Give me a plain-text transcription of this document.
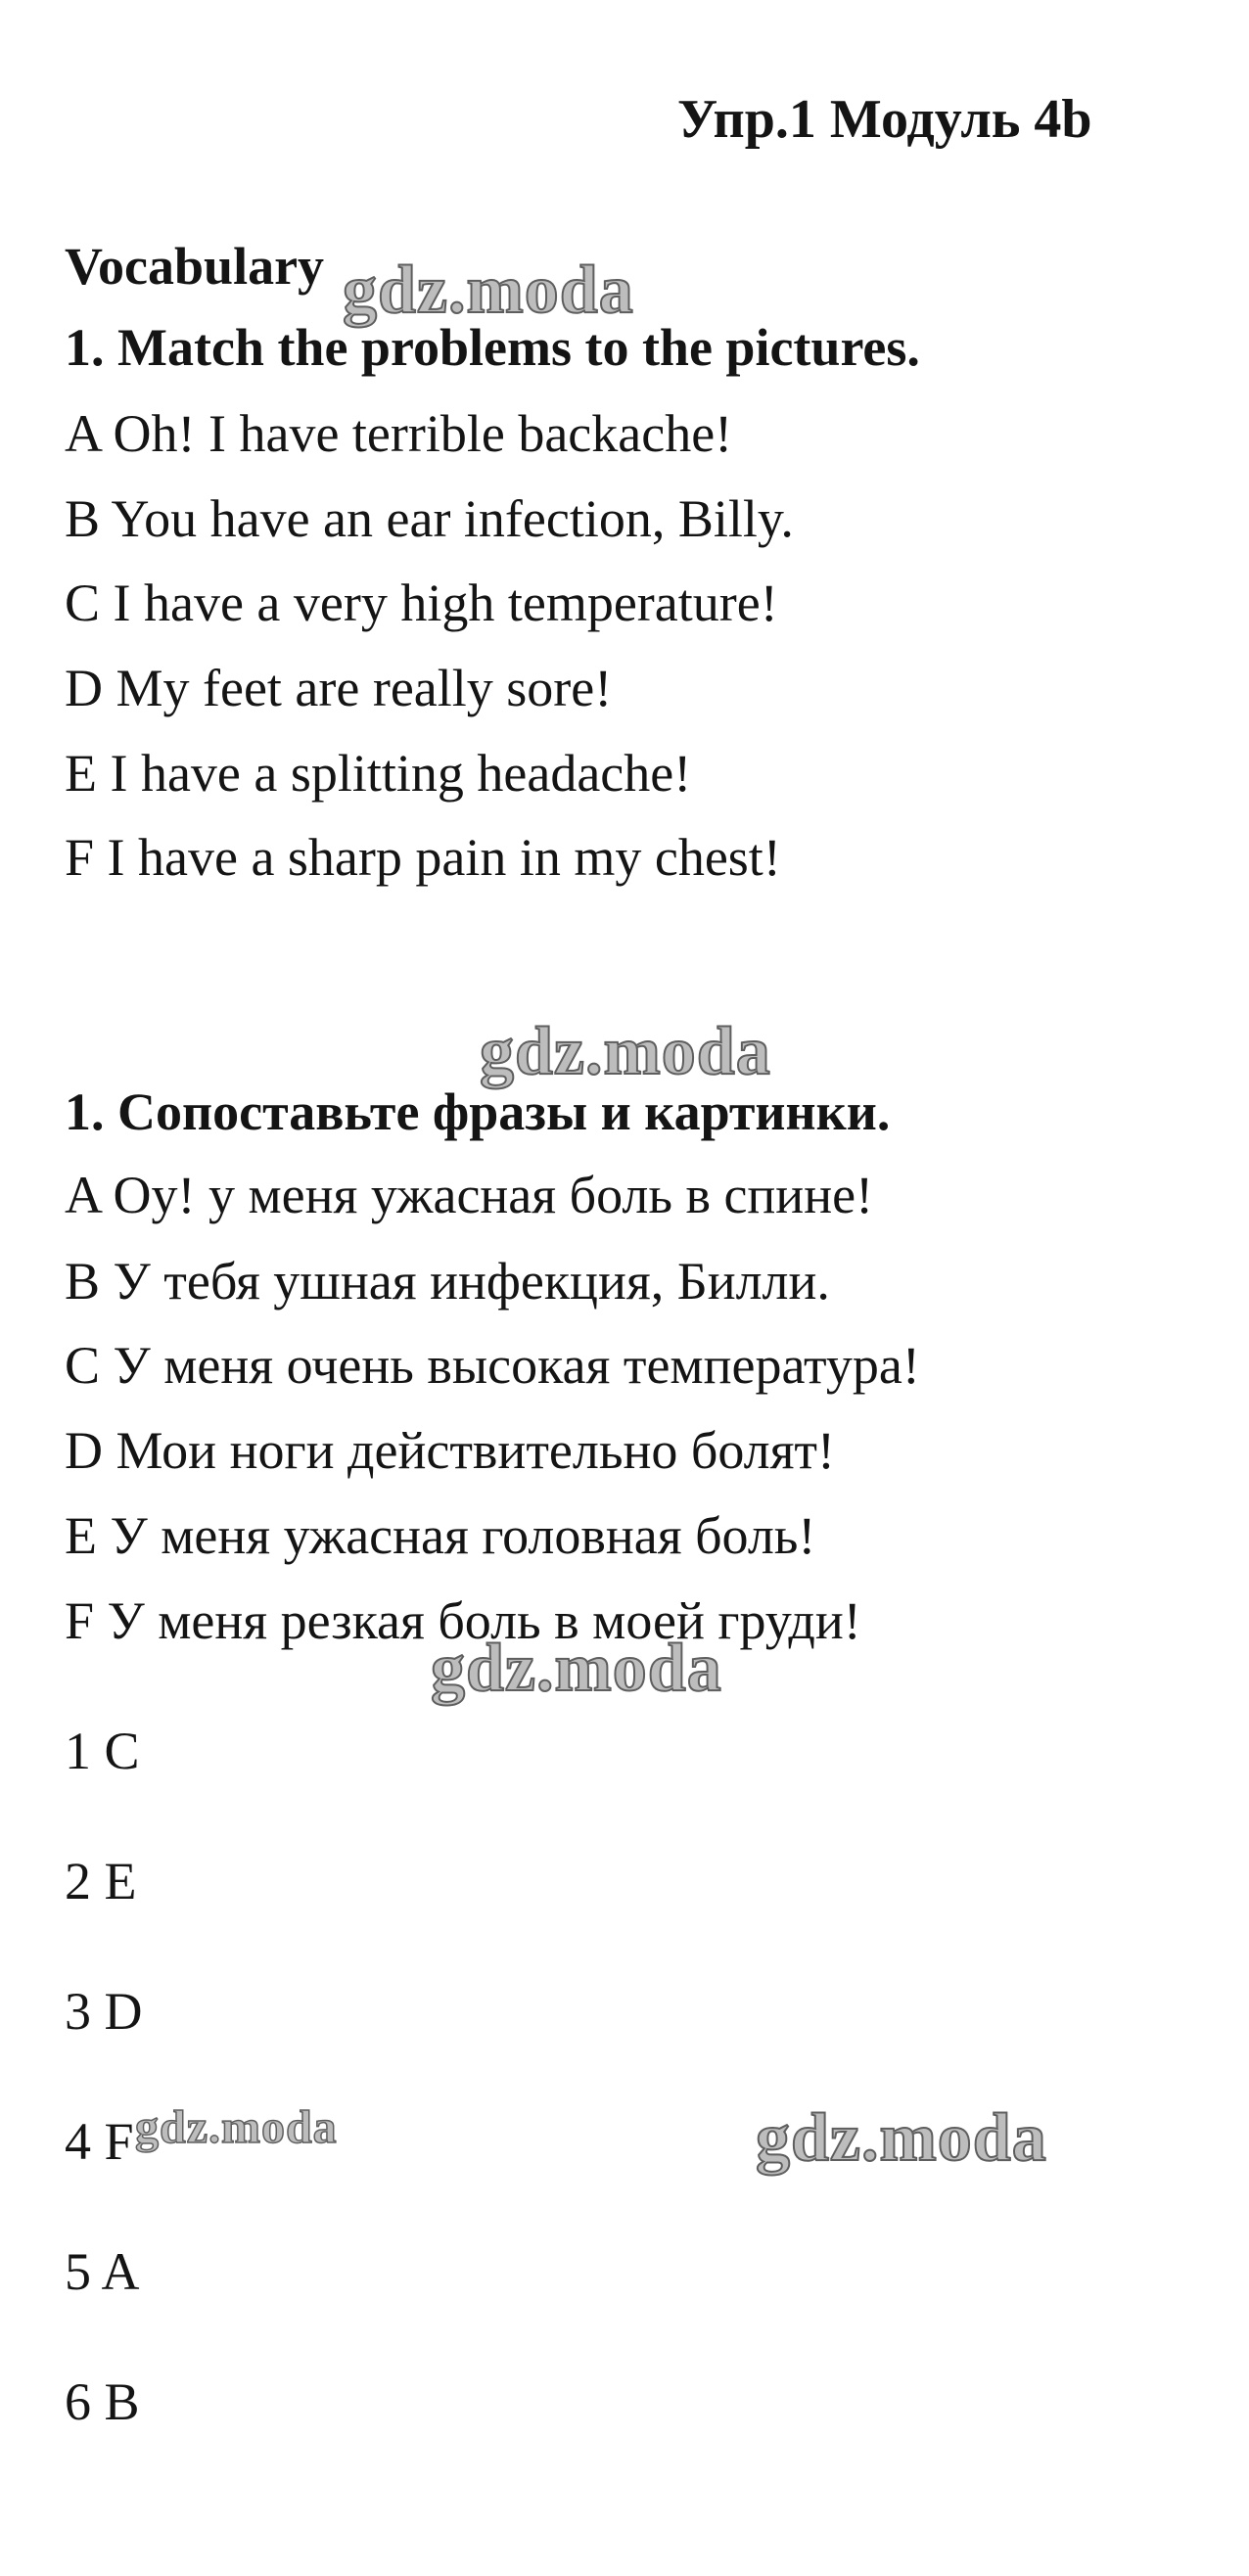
Упр.1 Модуль 4b
Vocabulary
1. Match the problems to the pictures.
A Oh! I have terrible backache!
B You have an ear infection, Billy.
C I have a very high temperature!
D My feet are really sore!
E I have a splitting headache!
F I have a sharp pain in my chest!
1. Сопоставьте фразы и картинки.
A Оу! у меня ужасная боль в спине!
B У тебя ушная инфекция, Билли.
C У меня очень высокая температура!
D Мои ноги действительно болят!
E У меня ужасная головная боль!
F У меня резкая боль в моей груди!
1 C
2 E
3 D
4 F
5 A
6 B
gdz.moda
gdz.moda
gdz.moda
gdz.moda	gdz.moda
